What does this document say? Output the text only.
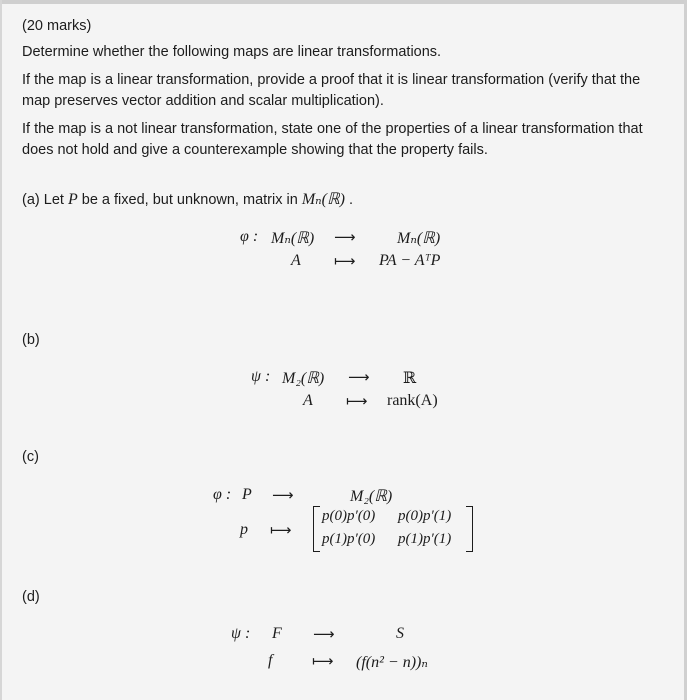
(20 marks)
Determine whether the following maps are linear transformations.
If the map is a linear transformation, provide a proof that it is linear transformation (verify that the
map preserves vector addition and scalar multiplication).
If the map is a not linear transformation, state one of the properties of a linear transformation that
does not hold and give a counterexample showing that the property fails.
(a) Let P be a fixed, but unknown, matrix in Mₙ(ℝ) .
φ : Mₙ(ℝ) ⟶	Mₙ(ℝ)
A ⟼ PA − AᵀP
(b)
ψ : M₂(ℝ) ⟶ ℝ
A ⟼ rank(A)
(c)
φ : P ⟶	M₂(ℝ)
p ⟼
p(0)p′(0) p(0)p′(1)
p(1)p′(0) p(1)p′(1)
(d)
ψ : F ⟶	S
f	⟼ (f(n² − n))ₙ
